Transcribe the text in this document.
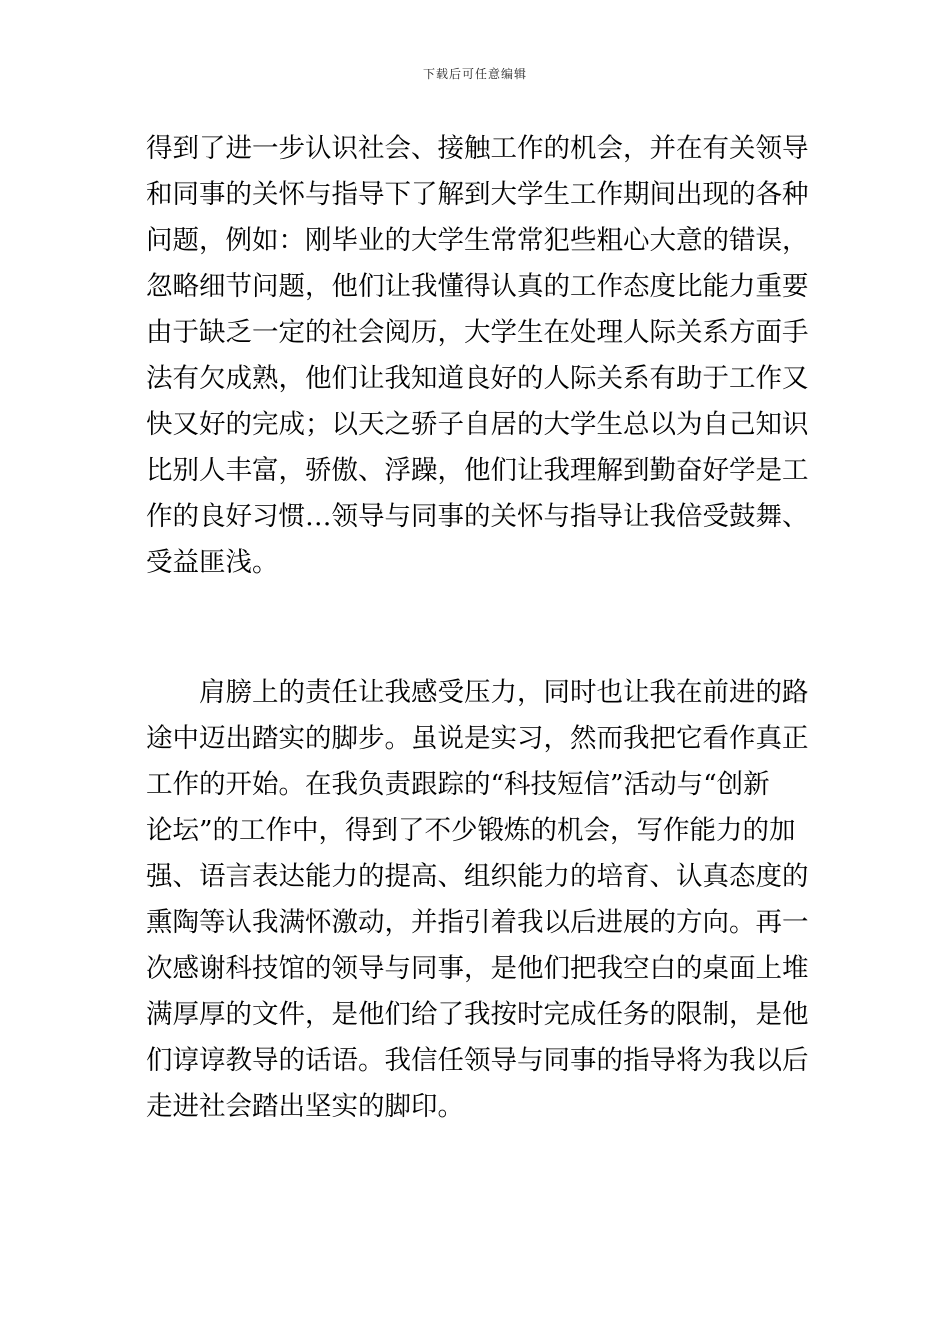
下载后可任意编辑
得到了进一步认识社会、接触工作的机会，并在有关领导
和同事的关怀与指导下了解到大学生工作期间出现的各种
问题，例如：刚毕业的大学生常常犯些粗心大意的错误，
忽略细节问题，他们让我懂得认真的工作态度比能力重要
由于缺乏一定的社会阅历，大学生在处理人际关系方面手
法有欠成熟，他们让我知道良好的人际关系有助于工作又
快又好的完成；以天之骄子自居的大学生总以为自己知识
比别人丰富，骄傲、浮躁，他们让我理解到勤奋好学是工
作的良好习惯…领导与同事的关怀与指导让我倍受鼓舞、
受益匪浅。
　　肩膀上的责任让我感受压力，同时也让我在前进的路
途中迈出踏实的脚步。虽说是实习，然而我把它看作真正
工作的开始。在我负责跟踪的“科技短信”活动与“创新
论坛”的工作中，得到了不少锻炼的机会，写作能力的加
强、语言表达能力的提高、组织能力的培育、认真态度的
熏陶等认我满怀激动，并指引着我以后进展的方向。再一
次感谢科技馆的领导与同事，是他们把我空白的桌面上堆
满厚厚的文件，是他们给了我按时完成任务的限制，是他
们谆谆教导的话语。我信任领导与同事的指导将为我以后
走进社会踏出坚实的脚印。
